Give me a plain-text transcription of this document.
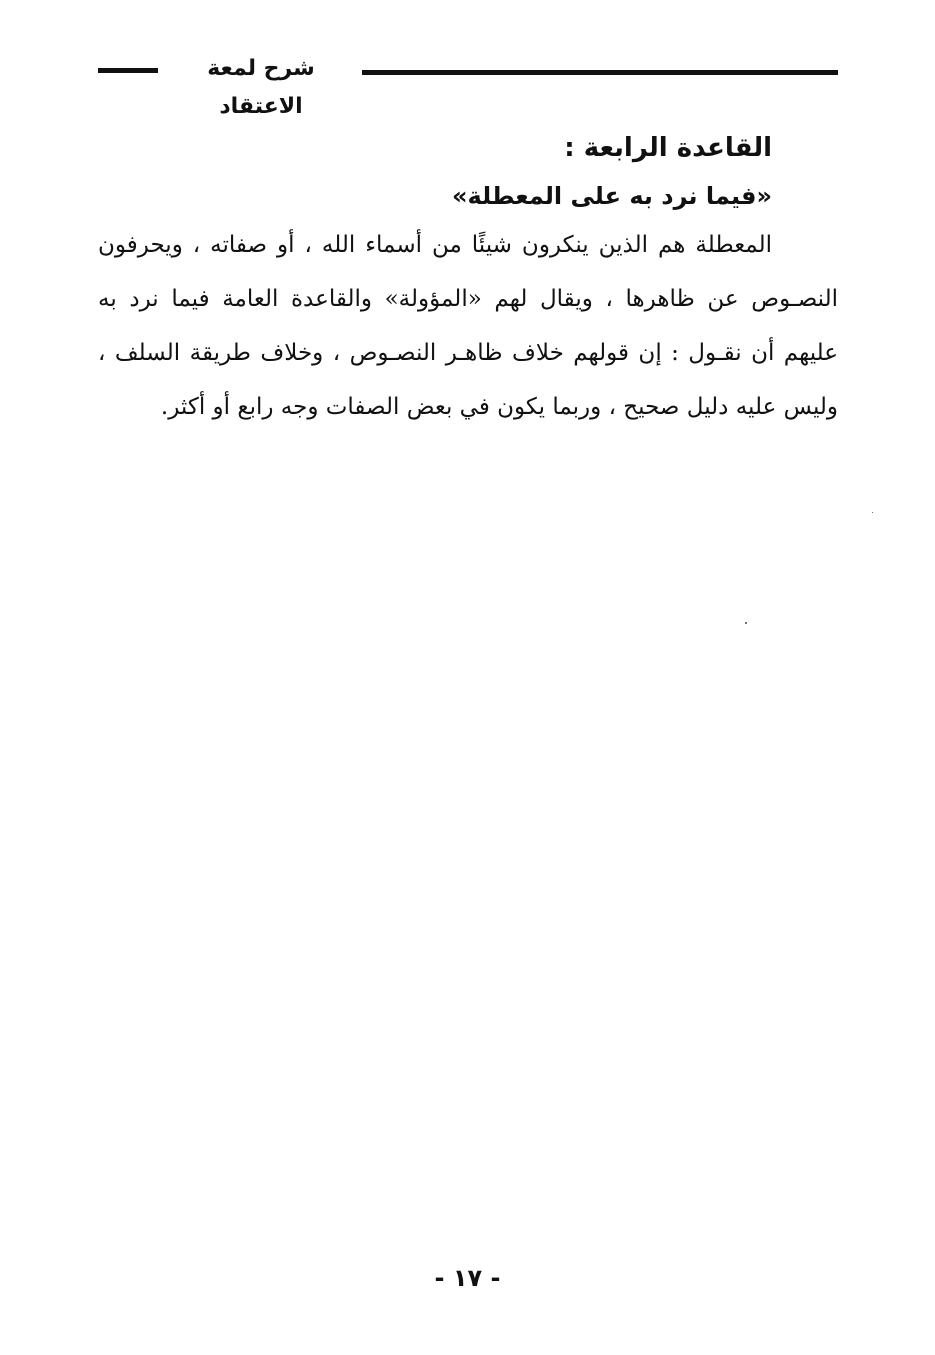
شرح لمعة الاعتقاد
القاعدة الرابعة :
«فيما نرد به على المعطلة»

المعطلة هم الذين ينكرون شيئًا من أسماء الله ، أو صفاته ، ويحرفون النصـوص عن ظاهرها ، ويقال لهم «المؤولة» والقاعدة العامة فيما نرد به عليهم أن نقـول : إن قولهم خلاف ظاهـر النصـوص ، وخلاف طريقة السلف ، وليس عليه دليل صحيح ، وربما يكون في بعض الصفات وجه رابع أو أكثر.

- ١٧ -
